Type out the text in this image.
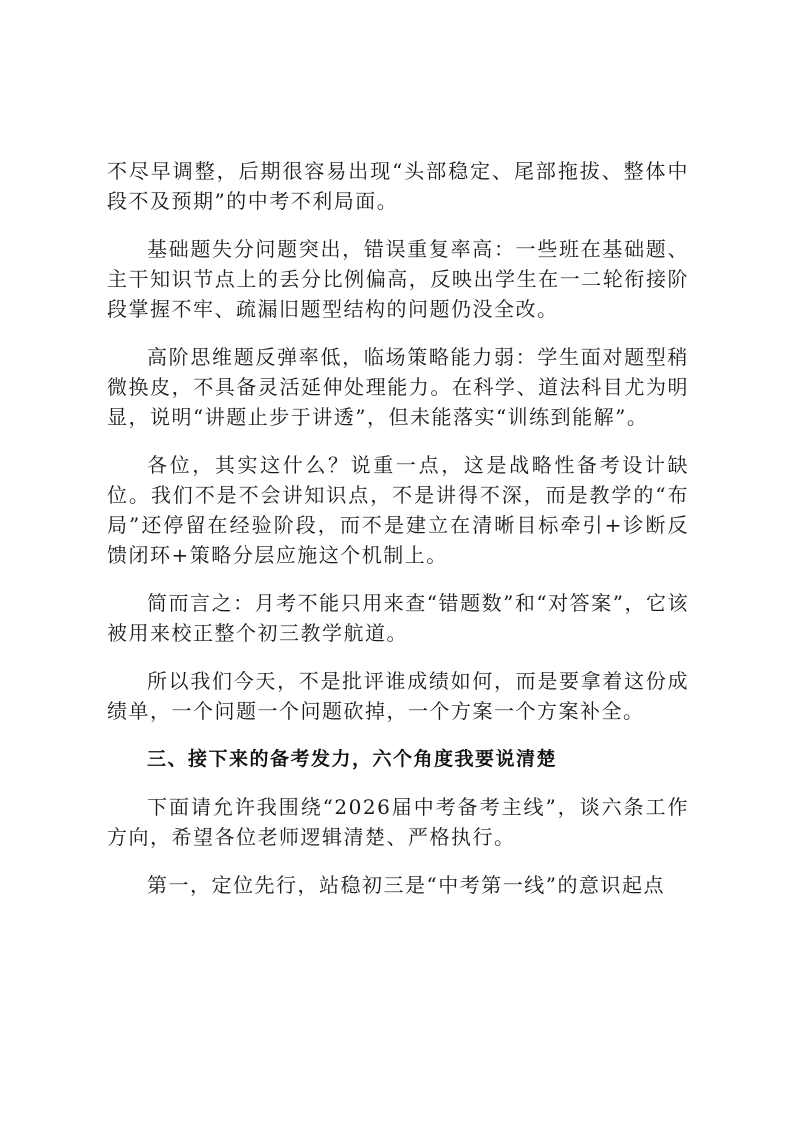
不尽早调整，后期很容易出现“头部稳定、尾部拖拔、整体中段不及预期”的中考不利局面。

基础题失分问题突出，错误重复率高：一些班在基础题、主干知识节点上的丢分比例偏高，反映出学生在一二轮衔接阶段掌握不牢、疏漏旧题型结构的问题仍没全改。

高阶思维题反弹率低，临场策略能力弱：学生面对题型稍微换皮，不具备灵活延伸处理能力。在科学、道法科目尤为明显，说明“讲题止步于讲透”，但未能落实“训练到能解”。

各位，其实这什么？说重一点，这是战略性备考设计缺位。我们不是不会讲知识点，不是讲得不深，而是教学的“布局”还停留在经验阶段，而不是建立在清晰目标牵引+诊断反馈闭环+策略分层应施这个机制上。

简而言之：月考不能只用来查“错题数”和“对答案”，它该被用来校正整个初三教学航道。

所以我们今天，不是批评谁成绩如何，而是要拿着这份成绩单，一个问题一个问题砍掉，一个方案一个方案补全。

三、接下来的备考发力，六个角度我要说清楚

下面请允许我围绕“2026届中考备考主线”，谈六条工作方向，希望各位老师逻辑清楚、严格执行。

第一，定位先行，站稳初三是“中考第一线”的意识起点
